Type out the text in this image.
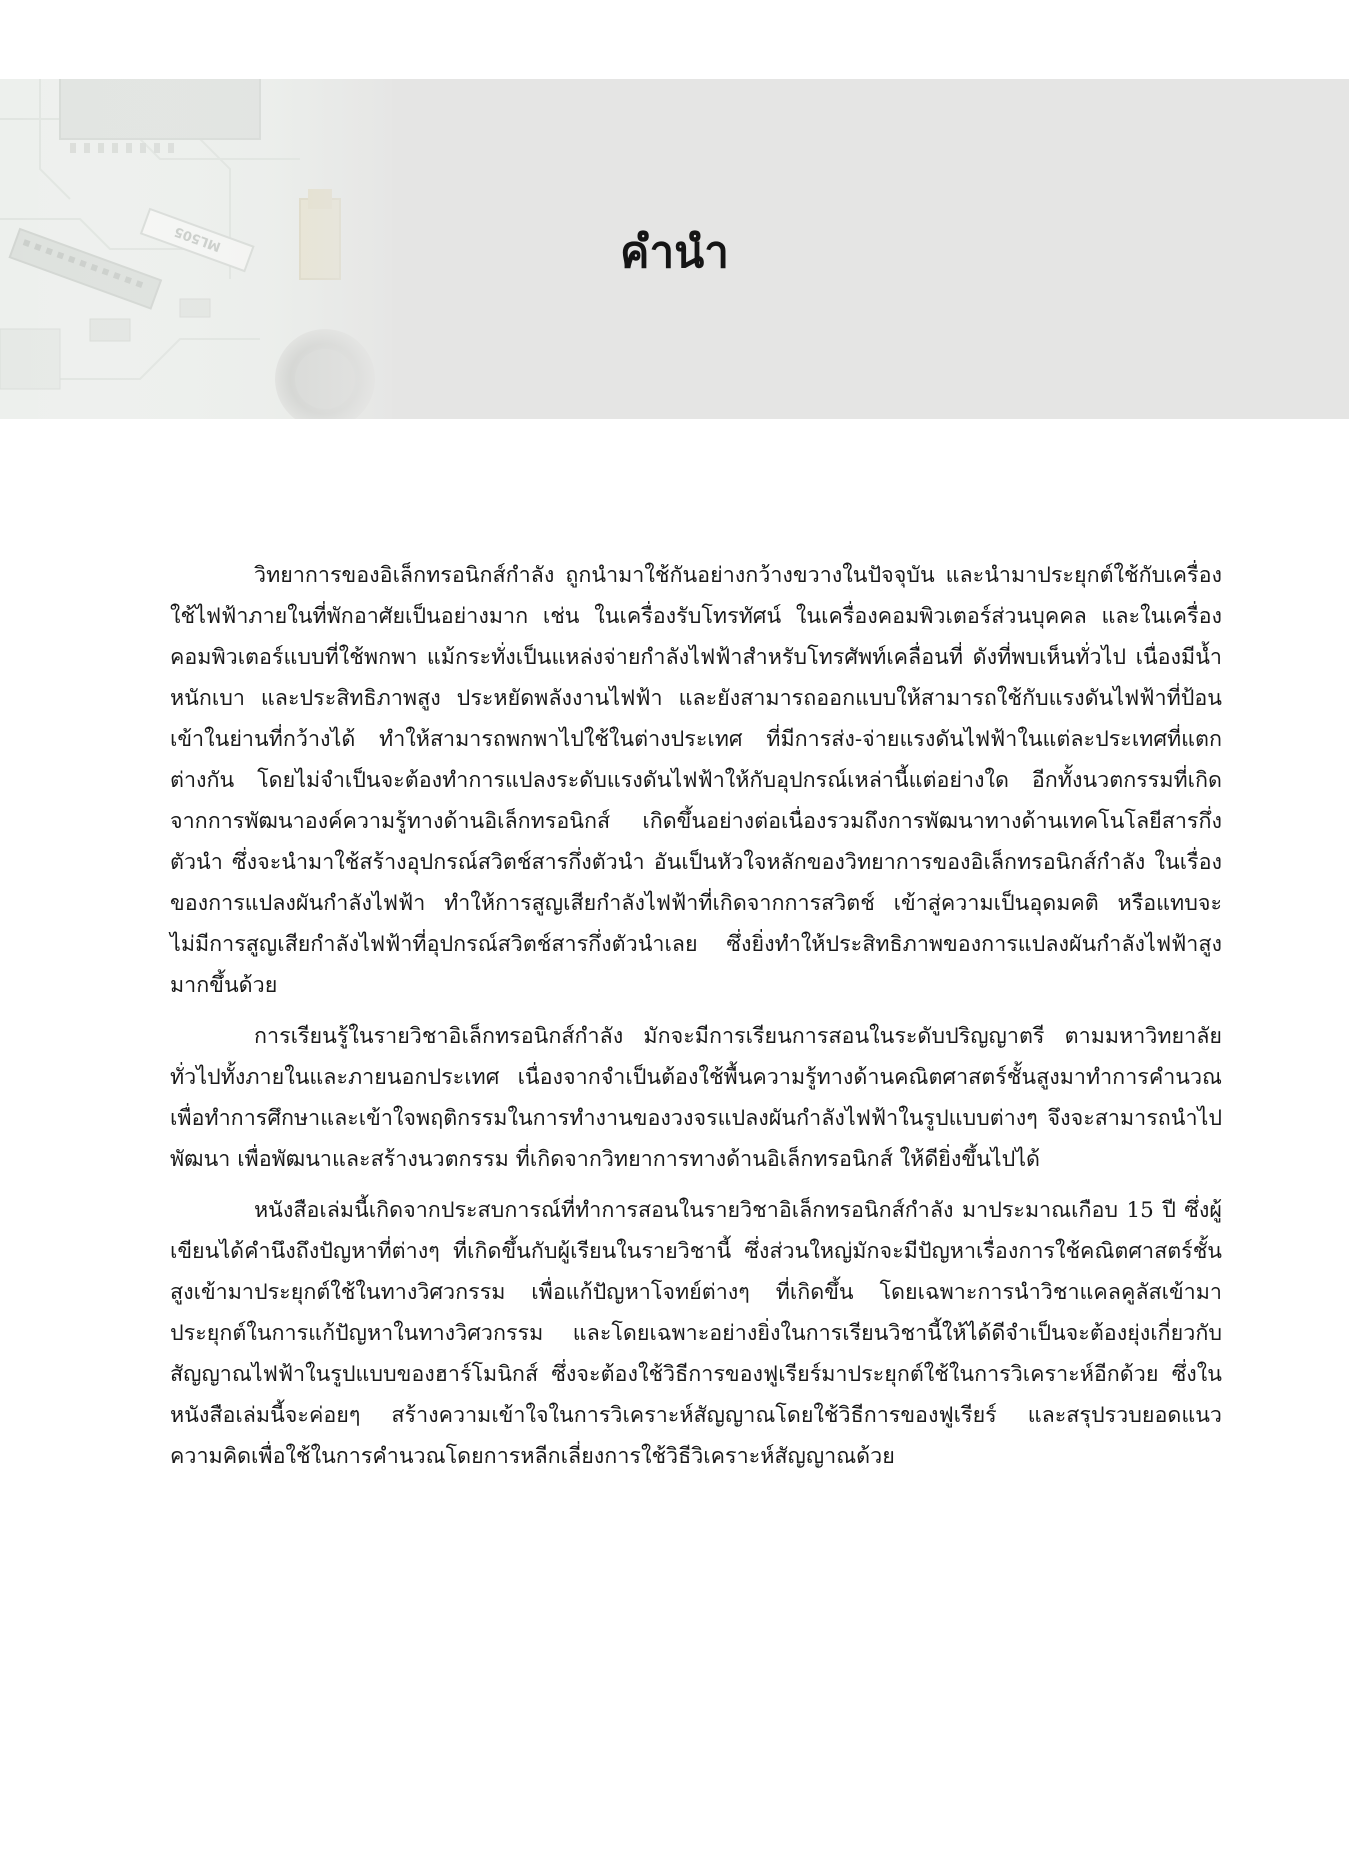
คำนำ

วิทยาการของอิเล็กทรอนิกส์กำลัง ถูกนำมาใช้กันอย่างกว้างขวางในปัจจุบัน และนำมาประยุกต์ใช้กับเครื่องใช้ไฟฟ้าภายในที่พักอาศัยเป็นอย่างมาก เช่น ในเครื่องรับโทรทัศน์ ในเครื่องคอมพิวเตอร์ส่วนบุคคล และในเครื่องคอมพิวเตอร์แบบที่ใช้พกพา แม้กระทั่งเป็นแหล่งจ่ายกำลังไฟฟ้าสำหรับโทรศัพท์เคลื่อนที่ ดังที่พบเห็นทั่วไป เนื่องมีน้ำหนักเบา และประสิทธิภาพสูง ประหยัดพลังงานไฟฟ้า และยังสามารถออกแบบให้สามารถใช้กับแรงดันไฟฟ้าที่ป้อนเข้าในย่านที่กว้างได้ ทำให้สามารถพกพาไปใช้ในต่างประเทศ ที่มีการส่ง-จ่ายแรงดันไฟฟ้าในแต่ละประเทศที่แตกต่างกัน โดยไม่จำเป็นจะต้องทำการแปลงระดับแรงดันไฟฟ้าให้กับอุปกรณ์เหล่านี้แต่อย่างใด อีกทั้งนวตกรรมที่เกิดจากการพัฒนาองค์ความรู้ทางด้านอิเล็กทรอนิกส์ เกิดขึ้นอย่างต่อเนื่องรวมถึงการพัฒนาทางด้านเทคโนโลยีสารกึ่งตัวนำ ซึ่งจะนำมาใช้สร้างอุปกรณ์สวิตช์สารกึ่งตัวนำ อันเป็นหัวใจหลักของวิทยาการของอิเล็กทรอนิกส์กำลัง ในเรื่องของการแปลงผันกำลังไฟฟ้า ทำให้การสูญเสียกำลังไฟฟ้าที่เกิดจากการสวิตช์ เข้าสู่ความเป็นอุดมคติ หรือแทบจะไม่มีการสูญเสียกำลังไฟฟ้าที่อุปกรณ์สวิตช์สารกึ่งตัวนำเลย ซึ่งยิ่งทำให้ประสิทธิภาพของการแปลงผันกำลังไฟฟ้าสูงมากขึ้นด้วย

การเรียนรู้ในรายวิชาอิเล็กทรอนิกส์กำลัง มักจะมีการเรียนการสอนในระดับปริญญาตรี ตามมหาวิทยาลัยทั่วไปทั้งภายในและภายนอกประเทศ เนื่องจากจำเป็นต้องใช้พื้นความรู้ทางด้านคณิตศาสตร์ชั้นสูงมาทำการคำนวณ เพื่อทำการศึกษาและเข้าใจพฤติกรรมในการทำงานของวงจรแปลงผันกำลังไฟฟ้าในรูปแบบต่างๆ จึงจะสามารถนำไปพัฒนา เพื่อพัฒนาและสร้างนวตกรรม ที่เกิดจากวิทยาการทางด้านอิเล็กทรอนิกส์ ให้ดียิ่งขึ้นไปได้

หนังสือเล่มนี้เกิดจากประสบการณ์ที่ทำการสอนในรายวิชาอิเล็กทรอนิกส์กำลัง มาประมาณเกือบ 15 ปี ซึ่งผู้เขียนได้คำนึงถึงปัญหาที่ต่างๆ ที่เกิดขึ้นกับผู้เรียนในรายวิชานี้ ซึ่งส่วนใหญ่มักจะมีปัญหาเรื่องการใช้คณิตศาสตร์ชั้นสูงเข้ามาประยุกต์ใช้ในทางวิศวกรรม เพื่อแก้ปัญหาโจทย์ต่างๆ ที่เกิดขึ้น โดยเฉพาะการนำวิชาแคลคูลัสเข้ามาประยุกต์ในการแก้ปัญหาในทางวิศวกรรม และโดยเฉพาะอย่างยิ่งในการเรียนวิชานี้ให้ได้ดีจำเป็นจะต้องยุ่งเกี่ยวกับสัญญาณไฟฟ้าในรูปแบบของฮาร์โมนิกส์ ซึ่งจะต้องใช้วิธีการของฟูเรียร์มาประยุกต์ใช้ในการวิเคราะห์อีกด้วย ซึ่งในหนังสือเล่มนี้จะค่อยๆ สร้างความเข้าใจในการวิเคราะห์สัญญาณโดยใช้วิธีการของฟูเรียร์ และสรุปรวบยอดแนวความคิดเพื่อใช้ในการคำนวณโดยการหลีกเลี่ยงการใช้วิธีวิเคราะห์สัญญาณด้วย
